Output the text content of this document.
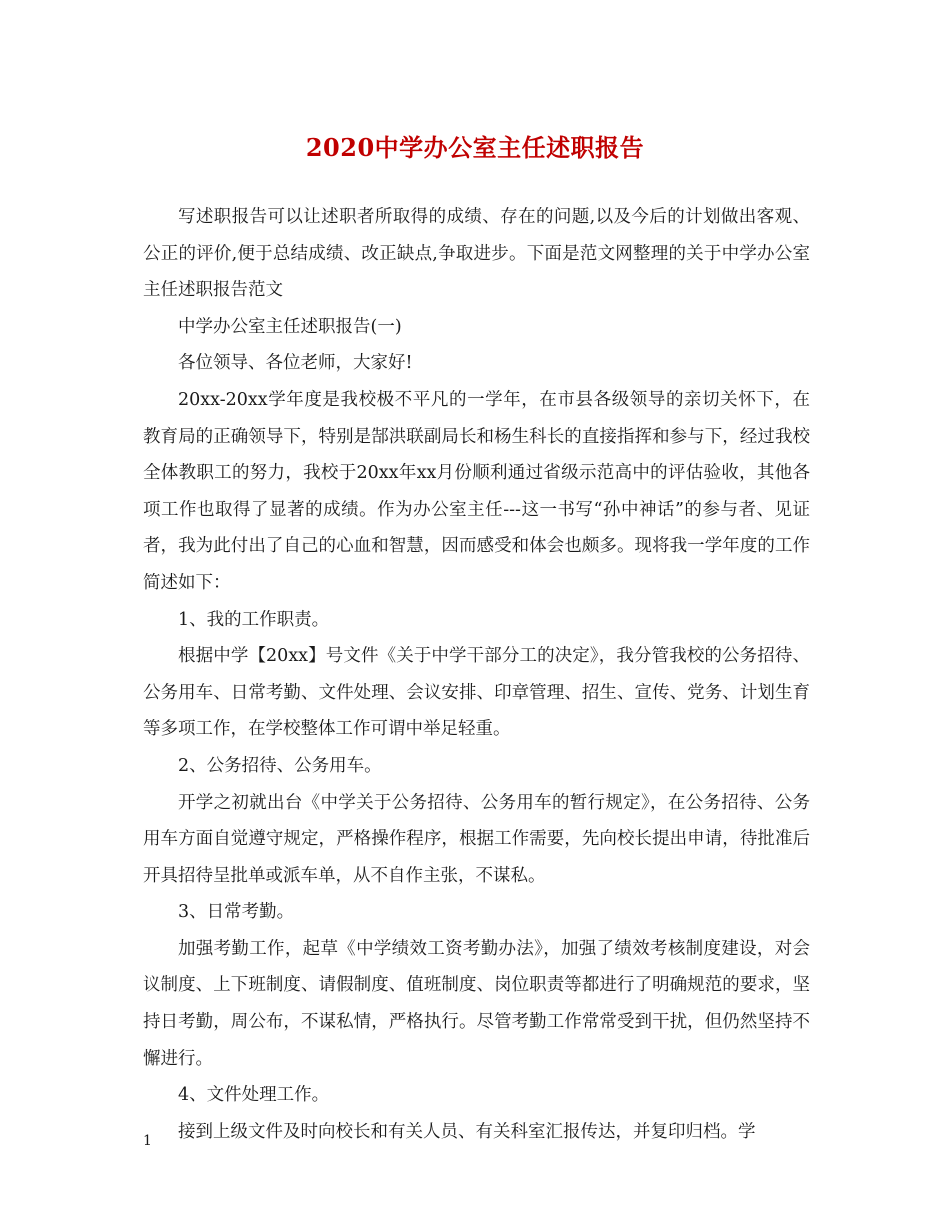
2020中学办公室主任述职报告

写述职报告可以让述职者所取得的成绩、存在的问题,以及今后的计划做出客观、公正的评价,便于总结成绩、改正缺点,争取进步。下面是范文网整理的关于中学办公室主任述职报告范文

中学办公室主任述职报告(一)

各位领导、各位老师，大家好!

20xx-20xx学年度是我校极不平凡的一学年，在市县各级领导的亲切关怀下，在教育局的正确领导下，特别是郜洪联副局长和杨生科长的直接指挥和参与下，经过我校全体教职工的努力，我校于20xx年xx月份顺利通过省级示范高中的评估验收，其他各项工作也取得了显著的成绩。作为办公室主任---这一书写“孙中神话”的参与者、见证者，我为此付出了自己的心血和智慧，因而感受和体会也颇多。现将我一学年度的工作简述如下：

1、我的工作职责。

根据中学【20xx】号文件《关于中学干部分工的决定》，我分管我校的公务招待、公务用车、日常考勤、文件处理、会议安排、印章管理、招生、宣传、党务、计划生育等多项工作，在学校整体工作可谓中举足轻重。

2、公务招待、公务用车。

开学之初就出台《中学关于公务招待、公务用车的暂行规定》，在公务招待、公务用车方面自觉遵守规定，严格操作程序，根据工作需要，先向校长提出申请，待批准后开具招待呈批单或派车单，从不自作主张，不谋私。

3、日常考勤。

加强考勤工作，起草《中学绩效工资考勤办法》，加强了绩效考核制度建设，对会议制度、上下班制度、请假制度、值班制度、岗位职责等都进行了明确规范的要求，坚持日考勤，周公布，不谋私情，严格执行。尽管考勤工作常常受到干扰，但仍然坚持不懈进行。

4、文件处理工作。

接到上级文件及时向校长和有关人员、有关科室汇报传达，并复印归档。学

1
